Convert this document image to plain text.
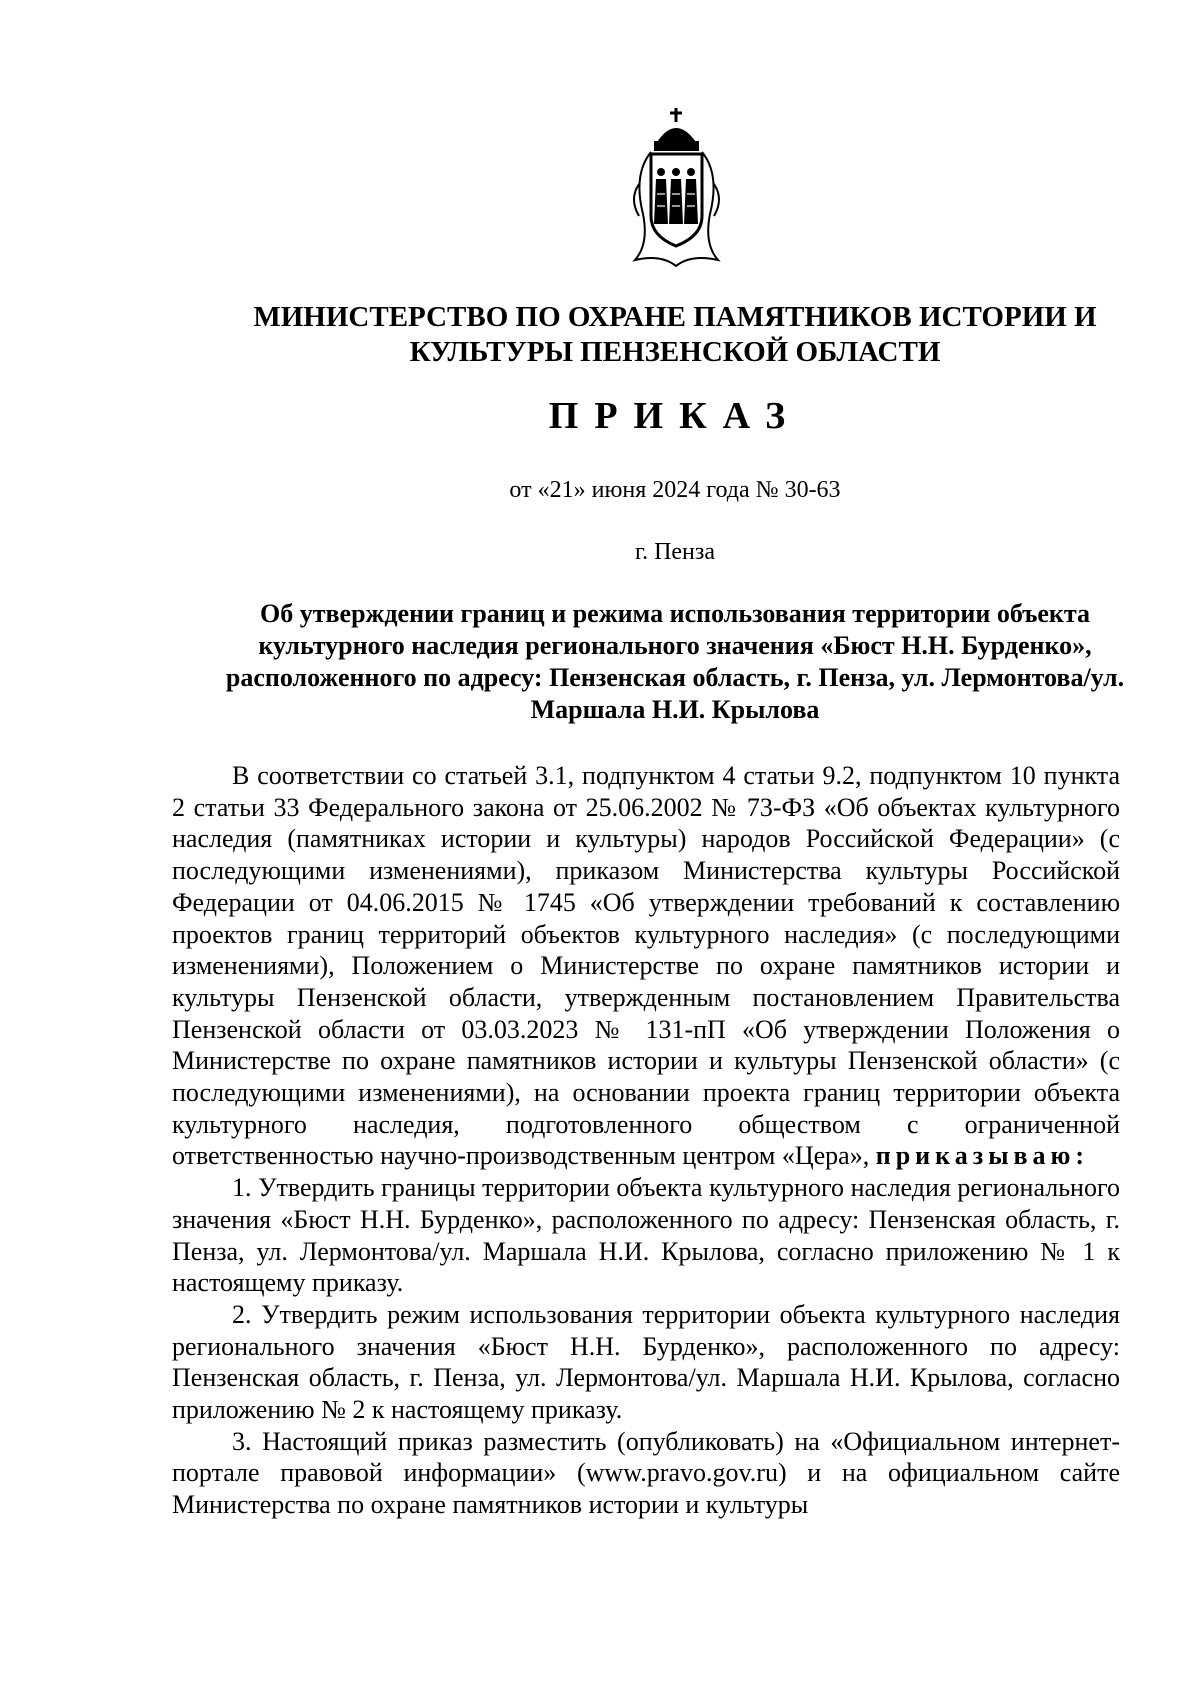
МИНИСТЕРСТВО ПО ОХРАНЕ ПАМЯТНИКОВ ИСТОРИИ И
КУЛЬТУРЫ ПЕНЗЕНСКОЙ ОБЛАСТИ
ПРИКАЗ
от «21» июня 2024 года № 30-63
г. Пенза
Об утверждении границ и режима использования территории объекта культурного наследия регионального значения «Бюст Н.Н. Бурденко», расположенного по адресу: Пензенская область, г. Пенза, ул. Лермонтова/ул. Маршала Н.И. Крылова

В соответствии со статьей 3.1, подпунктом 4 статьи 9.2, подпунктом 10 пункта 2 статьи 33 Федерального закона от 25.06.2002 № 73-ФЗ «Об объектах культурного наследия (памятниках истории и культуры) народов Российской Федерации» (с последующими изменениями), приказом Министерства культуры Российской Федерации от 04.06.2015 № 1745 «Об утверждении требований к составлению проектов границ территорий объектов культурного наследия» (с последующими изменениями), Положением о Министерстве по охране памятников истории и культуры Пензенской области, утвержденным постановлением Правительства Пензенской области от 03.03.2023 № 131-пП «Об утверждении Положения о Министерстве по охране памятников истории и культуры Пензенской области» (с последующими изменениями), на основании проекта границ территории объекта культурного наследия, подготовленного обществом с ограниченной ответственностью научно-производственным центром «Цера», приказываю:

1. Утвердить границы территории объекта культурного наследия регионального значения «Бюст Н.Н. Бурденко», расположенного по адресу: Пензенская область, г. Пенза, ул. Лермонтова/ул. Маршала Н.И. Крылова, согласно приложению № 1 к настоящему приказу.

2. Утвердить режим использования территории объекта культурного наследия регионального значения «Бюст Н.Н. Бурденко», расположенного по адресу: Пензенская область, г. Пенза, ул. Лермонтова/ул. Маршала Н.И. Крылова, согласно приложению № 2 к настоящему приказу.

3. Настоящий приказ разместить (опубликовать) на «Официальном интернет-портале правовой информации» (www.pravo.gov.ru) и на официальном сайте Министерства по охране памятников истории и культуры
